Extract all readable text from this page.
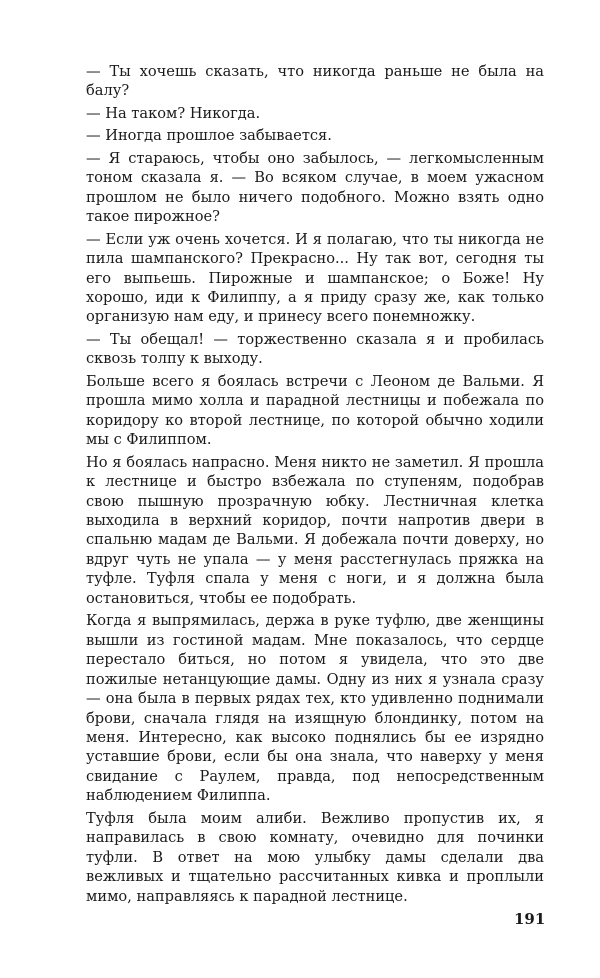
— Ты хочешь сказать, что никогда раньше не была на балу?

— На таком? Никогда.

— Иногда прошлое забывается.

— Я стараюсь, чтобы оно забылось, — легкомысленным тоном сказала я. — Во всяком случае, в моем ужасном прошлом не было ничего подобного. Можно взять одно такое пирожное?

— Если уж очень хочется. И я полагаю, что ты никогда не пила шампанского? Прекрасно... Ну так вот, сегодня ты его выпьешь. Пирожные и шампанское; о Боже! Ну хорошо, иди к Филиппу, а я приду сразу же, как только организую нам еду, и принесу всего понемножку.

— Ты обещал! — торжественно сказала я и пробилась сквозь толпу к выходу.

Больше всего я боялась встречи с Леоном де Вальми. Я прошла мимо холла и парадной лестницы и побежала по коридору ко второй лестнице, по которой обычно ходили мы с Филиппом.

Но я боялась напрасно. Меня никто не заметил. Я прошла к лестнице и быстро взбежала по ступеням, подобрав свою пышную прозрачную юбку. Лестничная клетка выходила в верхний коридор, почти напротив двери в спальню мадам де Вальми. Я добежала почти доверху, но вдруг чуть не упала — у меня расстегнулась пряжка на туфле. Туфля спала у меня с ноги, и я должна была остановиться, чтобы ее подобрать.

Когда я выпрямилась, держа в руке туфлю, две женщины вышли из гостиной мадам. Мне показалось, что сердце перестало биться, но потом я увидела, что это две пожилые нетанцующие дамы. Одну из них я узнала сразу — она была в первых рядах тех, кто удивленно поднимали брови, сначала глядя на изящную блондинку, потом на меня. Интересно, как высоко поднялись бы ее изрядно уставшие брови, если бы она знала, что наверху у меня свидание с Раулем, правда, под непосредственным наблюдением Филиппа.

Туфля была моим алиби. Вежливо пропустив их, я направилась в свою комнату, очевидно для починки туфли. В ответ на мою улыбку дамы сделали два вежливых и тщательно рассчитанных кивка и проплыли мимо, направляясь к парадной лестнице.

191
